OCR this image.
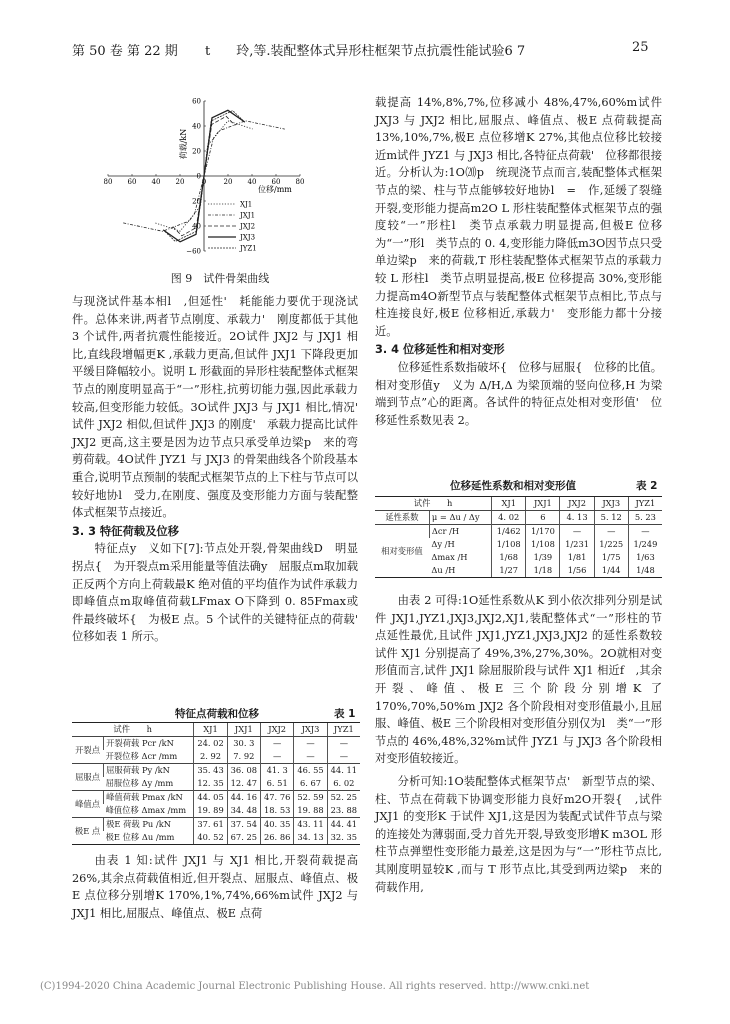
第 50 卷 第 22 期 t　　玲,等.装配整体式异形柱框架节点抗震性能试验6 7	25
80 60 40 20 0 20 40 60 80
60
40
20
0
20
40
−60
XJ1
JXJ1
JXJ2
JXJ3
JYZ1
荷载/kN
位移/mm
图 9　试件骨架曲线

与现浇试件基本相l　,但延性'　耗能能力要优于现浇试件。总体来讲,两者节点刚度、承载力'　刚度都低于其他 3 个试件,两者抗震性能接近。2O试件 JXJ2 与 JXJ1 相比,直线段增幅更K ,承载力更高,但试件 JXJ1 下降段更加平缓目降幅较小。说明 L 形截面的异形柱装配整体式框架节点的刚度明显高于“一”形柱,抗剪切能力强,因此承载力较高,但变形能力较低。3O试件 JXJ3 与 JXJ1 相比,情况'　试件 JXJ2 相似,但试件 JXJ3 的刚度'　承载力提高比试件 JXJ2 更高,这主要是因为边节点只承受单边梁p　来的弯剪荷载。4O试件 JYZ1 与 JXJ3 的骨架曲线各个阶段基本重合,说明节点预制的装配式框架节点的上下柱与节点可以较好地协l　受力,在刚度、强度及变形能力方面与装配整体式框架节点接近。

3. 3 特征荷载及位移

特征点y　义如下[7]:节点处开裂,骨架曲线D　明显拐点{　为开裂点m采用能量等值法确y　屈服点m取加载正反两个方向上荷载最K 绝对值的平均值作为试件承载力即峰值点m取峰值荷载LFmax O下降到 0. 85Fmax或　件最终破坏{　为极E 点。5 个试件的关键特征点的荷载'　位移如表 1 所示。

特征点荷载和位移	表 1
试件　　 h		XJ1	JXJ1	JXJ2	JXJ3	JYZ1
开裂点	开裂荷载 Pcr /kN	24. 02	30. 3	—	—	—
	开裂位移 Δcr /mm	2. 92	7. 92	—	—	—
屈服点	屈服荷载 Py /kN	35. 43	36. 08	41. 3	46. 55	44. 11
	屈服位移 Δy /mm	12. 35	12. 47	6. 51	6. 67	6. 02
峰值点	峰值荷载 Pmax /kN	44. 05	44. 16	47. 76	52. 59	52. 25
	峰值位移 Δmax /mm	19. 89	34. 48	18. 53	19. 88	23. 88
极E 点	极E 荷载 Pu /kN	37. 61	37. 54	40. 35	43. 11	44. 41
	极E 位移 Δu /mm	40. 52	67. 25	26. 86	34. 13	32. 35

由表 1 知:试件 JXJ1 与 XJ1 相比,开裂荷载提高 26%,其余点荷载值相近,但开裂点、屈服点、峰值点、极E 点位移分别增K 170%,1%,74%,66%m试件 JXJ2 与 JXJ1 相比,屈服点、峰值点、极E 点荷

载提高 14%,8%,7%,位移减小 48%,47%,60%m试件 JXJ3 与 JXJ2 相比,屈服点、峰值点、极E 点荷载提高 13%,10%,7%,极E 点位移增K 27%,其他点位移比较接近m试件 JYZ1 与 JXJ3 相比,各特征点荷载'　位移都很接近。分析认为:1O⒇p　统现浇节点而言,装配整体式框架节点的梁、柱与节点能够较好地协l　=　作,延缓了裂缝开裂,变形能力提高m2O L 形柱装配整体式框架节点的强度较“一”形柱l　类节点承载力明显提高,但极E 位移为“一”形l　类节点的 0. 4,变形能力降低m3O因节点只受单边梁p　来的荷载,T 形柱装配整体式框架节点的承载力较 L 形柱l　类节点明显提高,极E 位移提高 30%,变形能力提高m4O新型节点与装配整体式框架节点相比,节点与柱连接良好,极E 位移相近,承载力'　变形能力都十分接近。

3. 4 位移延性和相对变形

位移延性系数指破坏{　位移与屈服{　位移的比值。相对变形值y　义为 Δ/H,Δ 为梁顶端的竖向位移,H 为梁端到节点”心的距离。各试件的特征点处相对变形值'　位移延性系数见表 2。

位移延性系数和相对变形值	表 2
试件　　 h		XJ1	JXJ1	JXJ2	JXJ3	JYZ1
延性系数	μ = Δu / Δy	4. 02	6	4. 13	5. 12	5. 23
相对变形值	Δcr /H	1/462	1/170	—	—	—
	Δy /H	1/108	1/108	1/231	1/225	1/249
	Δmax /H	1/68	1/39	1/81	1/75	1/63
	Δu /H	1/27	1/18	1/56	1/44	1/48

由表 2 可得:1O延性系数从K 到小依次排列分别是试件 JXJ1,JYZ1,JXJ3,JXJ2,XJ1,装配整体式“一”形柱的节点延性最优,且试件 JXJ1,JYZ1,JXJ3,JXJ2 的延性系数较试件 XJ1 分别提高了 49%,3%,27%,30%。2O就相对变形值而言,试件 JXJ1 除屈服阶段与试件 XJ1 相近f　,其余开裂、峰值、极E 三个阶段分别增K 了 170%,70%,50%m JXJ2 各个阶段相对变形值最小,且屈服、峰值、极E 三个阶段相对变形值分别仅为l　类“一”形节点的 46%,48%,32%m试件 JYZ1 与 JXJ3 各个阶段相对变形值较接近。

分析可知:1O装配整体式框架节点'　新型节点的梁、柱、节点在荷载下协调变形能力良好m2O开裂{　,试件 JXJ1 的变形K 于试件 XJ1,这是因为装配式试件节点与梁的连接处为薄弱面,受力首先开裂,导致变形增K m3OL 形柱节点弹塑性变形能力最差,这是因为与“一”形柱节点比,其刚度明显较K ,而与 T 形节点比,其受到两边梁p　来的荷载作用,

(C)1994-2020 China Academic Journal Electronic Publishing House. All rights reserved. http://www.cnki.net
